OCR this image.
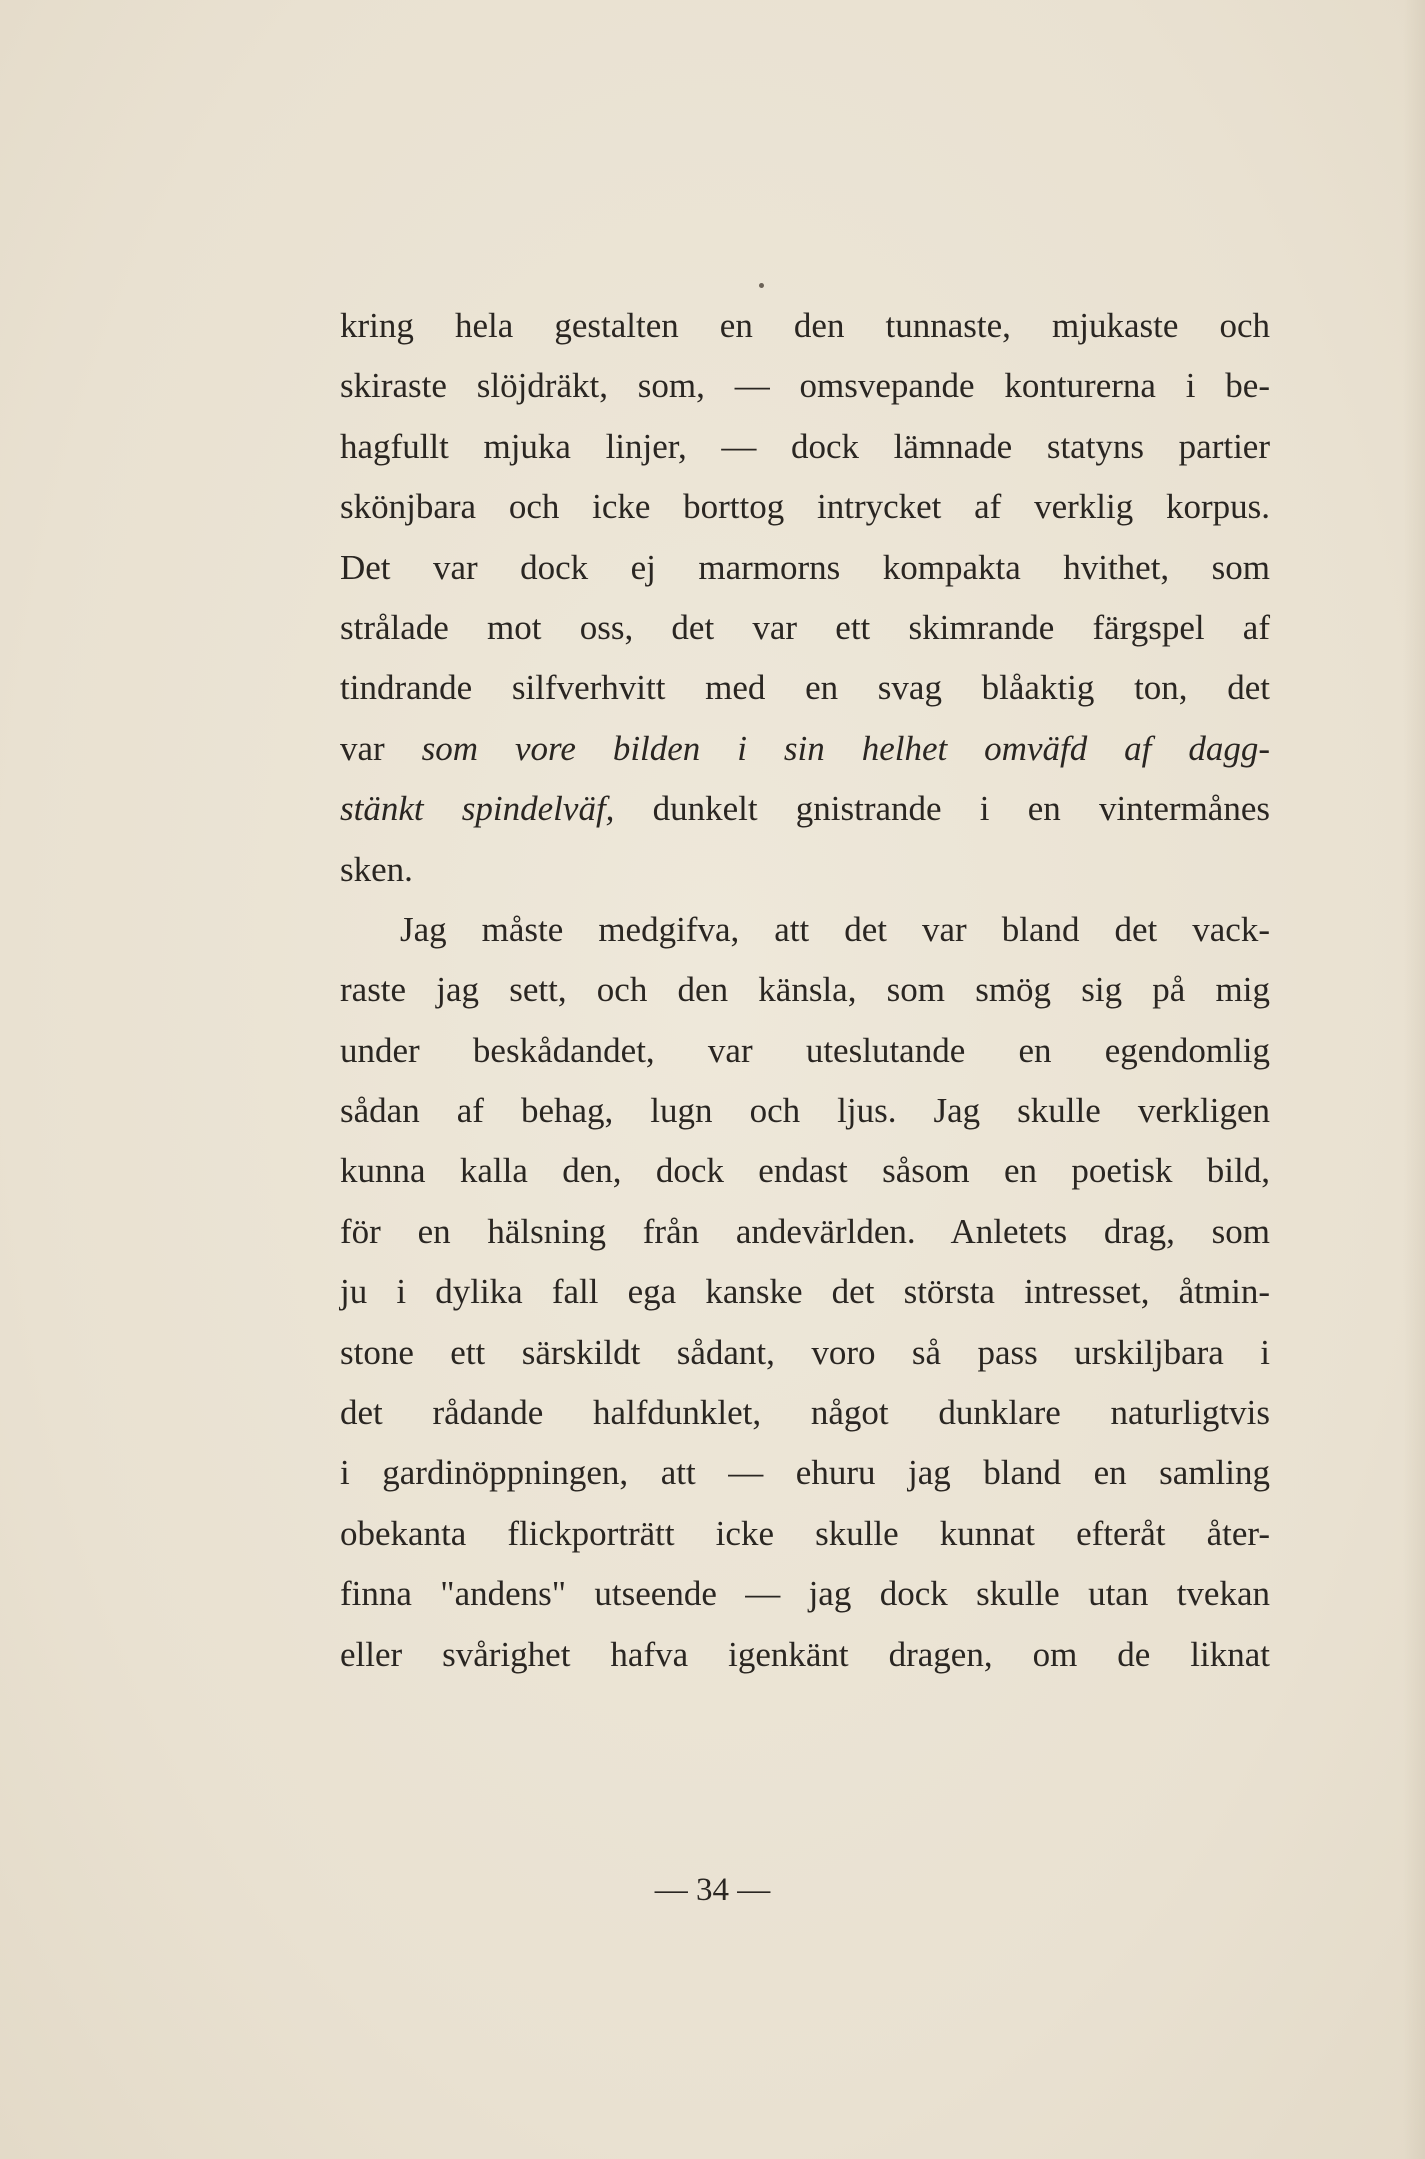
kring hela gestalten en den tunnaste, mjukaste och
skiraste slöjdräkt, som, — omsvepande konturerna i be-
hagfullt mjuka linjer, — dock lämnade statyns partier
skönjbara och icke borttog intrycket af verklig korpus.
Det var dock ej marmorns kompakta hvithet, som
strålade mot oss, det var ett skimrande färgspel af
tindrande silfverhvitt med en svag blåaktig ton, det
var som vore bilden i sin helhet omväfd af dagg-
stänkt spindelväf, dunkelt gnistrande i en vintermånes
sken.
Jag måste medgifva, att det var bland det vack-
raste jag sett, och den känsla, som smög sig på mig
under beskådandet, var uteslutande en egendomlig
sådan af behag, lugn och ljus. Jag skulle verkligen
kunna kalla den, dock endast såsom en poetisk bild,
för en hälsning från andevärlden. Anletets drag, som
ju i dylika fall ega kanske det största intresset, åtmin-
stone ett särskildt sådant, voro så pass urskiljbara i
det rådande halfdunklet, något dunklare naturligtvis
i gardinöppningen, att — ehuru jag bland en samling
obekanta flickporträtt icke skulle kunnat efteråt åter-
finna "andens" utseende — jag dock skulle utan tvekan
eller svårighet hafva igenkänt dragen, om de liknat
— 34 —
